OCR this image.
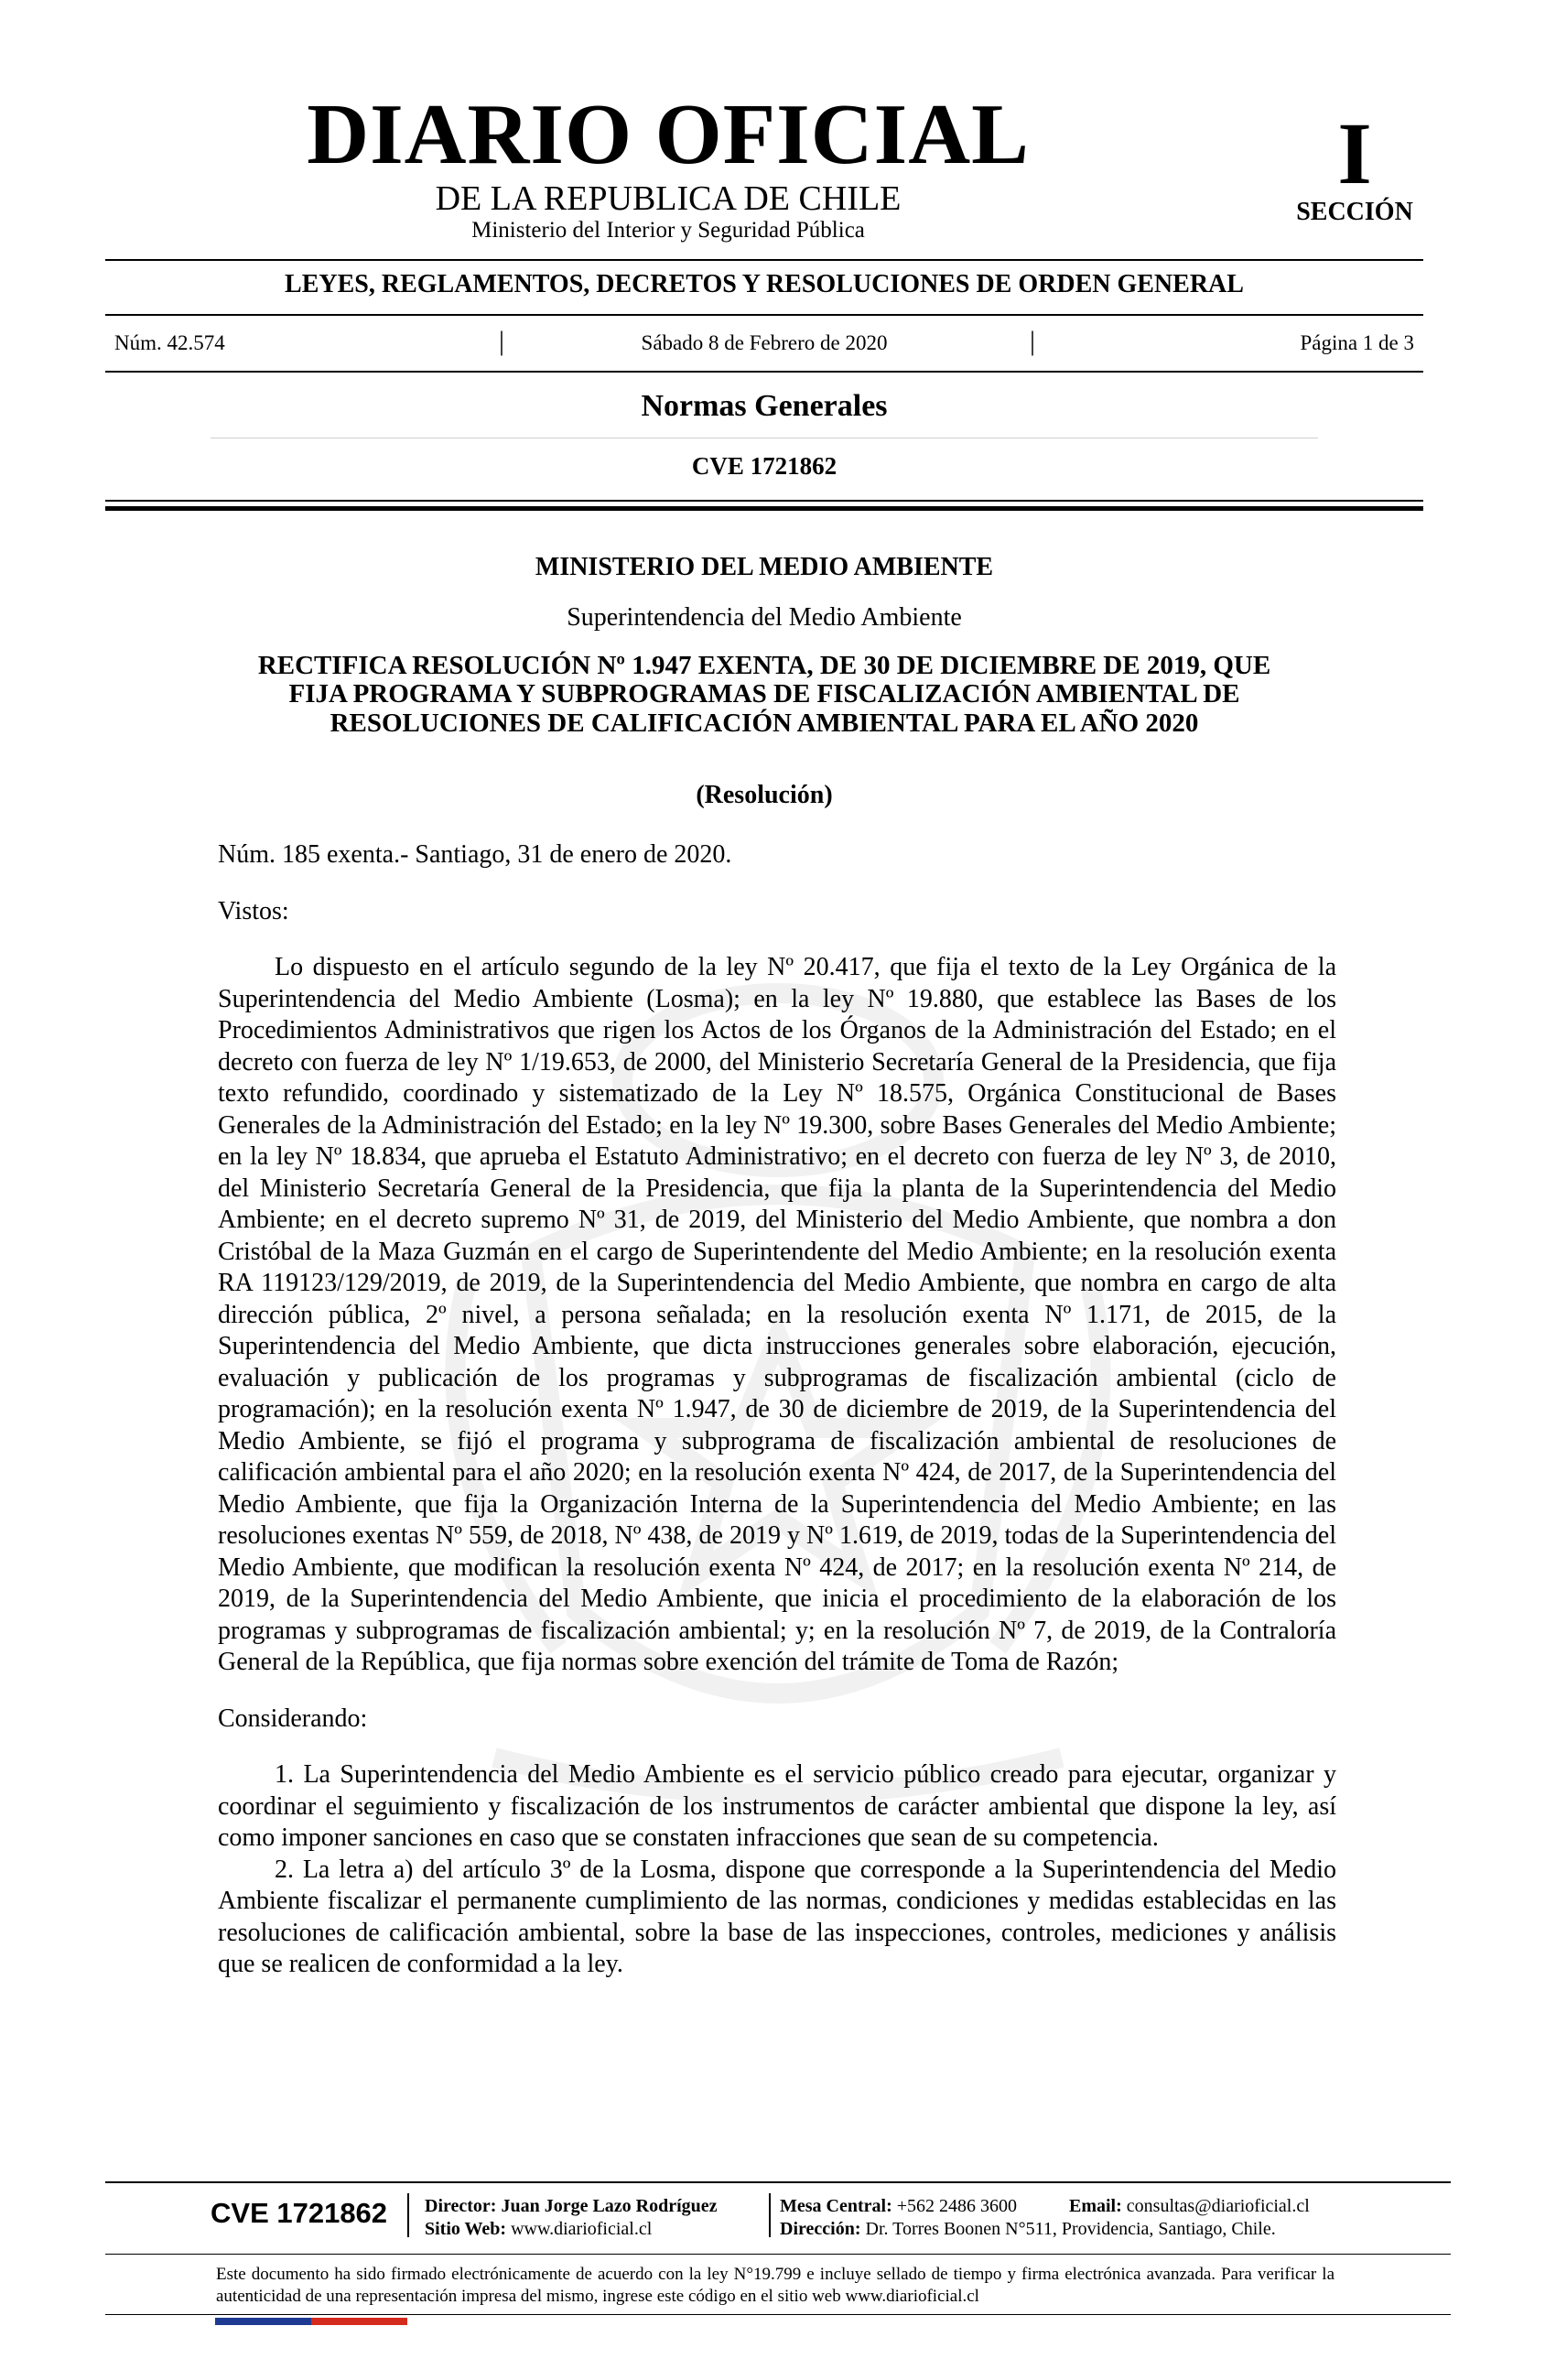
DIARIO OFICIAL
DE LA REPUBLICA DE CHILE
Ministerio del Interior y Seguridad Pública
I
SECCIÓN
LEYES, REGLAMENTOS, DECRETOS Y RESOLUCIONES DE ORDEN GENERAL
Núm. 42.574	|	Sábado 8 de Febrero de 2020	|	Página 1 de 3
Normas Generales
CVE 1721862
MINISTERIO DEL MEDIO AMBIENTE
Superintendencia del Medio Ambiente
RECTIFICA RESOLUCIÓN Nº 1.947 EXENTA, DE 30 DE DICIEMBRE DE 2019, QUE
FIJA PROGRAMA Y SUBPROGRAMAS DE FISCALIZACIÓN AMBIENTAL DE
RESOLUCIONES DE CALIFICACIÓN AMBIENTAL PARA EL AÑO 2020
(Resolución)

Núm. 185 exenta.- Santiago, 31 de enero de 2020.

Vistos:

Lo dispuesto en el artículo segundo de la ley Nº 20.417, que fija el texto de la Ley Orgánica de la Superintendencia del Medio Ambiente (Losma); en la ley Nº 19.880, que establece las Bases de los Procedimientos Administrativos que rigen los Actos de los Órganos de la Administración del Estado; en el decreto con fuerza de ley Nº 1/19.653, de 2000, del Ministerio Secretaría General de la Presidencia, que fija texto refundido, coordinado y sistematizado de la Ley Nº 18.575, Orgánica Constitucional de Bases Generales de la Administración del Estado; en la ley Nº 19.300, sobre Bases Generales del Medio Ambiente; en la ley Nº 18.834, que aprueba el Estatuto Administrativo; en el decreto con fuerza de ley Nº 3, de 2010, del Ministerio Secretaría General de la Presidencia, que fija la planta de la Superintendencia del Medio Ambiente; en el decreto supremo Nº 31, de 2019, del Ministerio del Medio Ambiente, que nombra a don Cristóbal de la Maza Guzmán en el cargo de Superintendente del Medio Ambiente; en la resolución exenta RA 119123/129/2019, de 2019, de la Superintendencia del Medio Ambiente, que nombra en cargo de alta dirección pública, 2º nivel, a persona señalada; en la resolución exenta Nº 1.171, de 2015, de la Superintendencia del Medio Ambiente, que dicta instrucciones generales sobre elaboración, ejecución, evaluación y publicación de los programas y subprogramas de fiscalización ambiental (ciclo de programación); en la resolución exenta Nº 1.947, de 30 de diciembre de 2019, de la Superintendencia del Medio Ambiente, se fijó el programa y subprograma de fiscalización ambiental de resoluciones de calificación ambiental para el año 2020; en la resolución exenta Nº 424, de 2017, de la Superintendencia del Medio Ambiente, que fija la Organización Interna de la Superintendencia del Medio Ambiente; en las resoluciones exentas Nº 559, de 2018, Nº 438, de 2019 y Nº 1.619, de 2019, todas de la Superintendencia del Medio Ambiente, que modifican la resolución exenta Nº 424, de 2017; en la resolución exenta Nº 214, de 2019, de la Superintendencia del Medio Ambiente, que inicia el procedimiento de la elaboración de los programas y subprogramas de fiscalización ambiental; y; en la resolución Nº 7, de 2019, de la Contraloría General de la República, que fija normas sobre exención del trámite de Toma de Razón;

Considerando:

1. La Superintendencia del Medio Ambiente es el servicio público creado para ejecutar, organizar y coordinar el seguimiento y fiscalización de los instrumentos de carácter ambiental que dispone la ley, así como imponer sanciones en caso que se constaten infracciones que sean de su competencia.

2. La letra a) del artículo 3º de la Losma, dispone que corresponde a la Superintendencia del Medio Ambiente fiscalizar el permanente cumplimiento de las normas, condiciones y medidas establecidas en las resoluciones de calificación ambiental, sobre la base de las inspecciones, controles, mediciones y análisis que se realicen de conformidad a la ley.

CVE 1721862 Director: Juan Jorge Lazo Rodríguez
Sitio Web: www.diarioficial.cl
Mesa Central: +562 2486 3600
Dirección: Dr. Torres Boonen N°511, Providencia, Santiago, Chile.
Email: consultas@diarioficial.cl
Este documento ha sido firmado electrónicamente de acuerdo con la ley N°19.799 e incluye sellado de tiempo y firma electrónica avanzada. Para verificar la autenticidad de una representación impresa del mismo, ingrese este código en el sitio web www.diarioficial.cl
